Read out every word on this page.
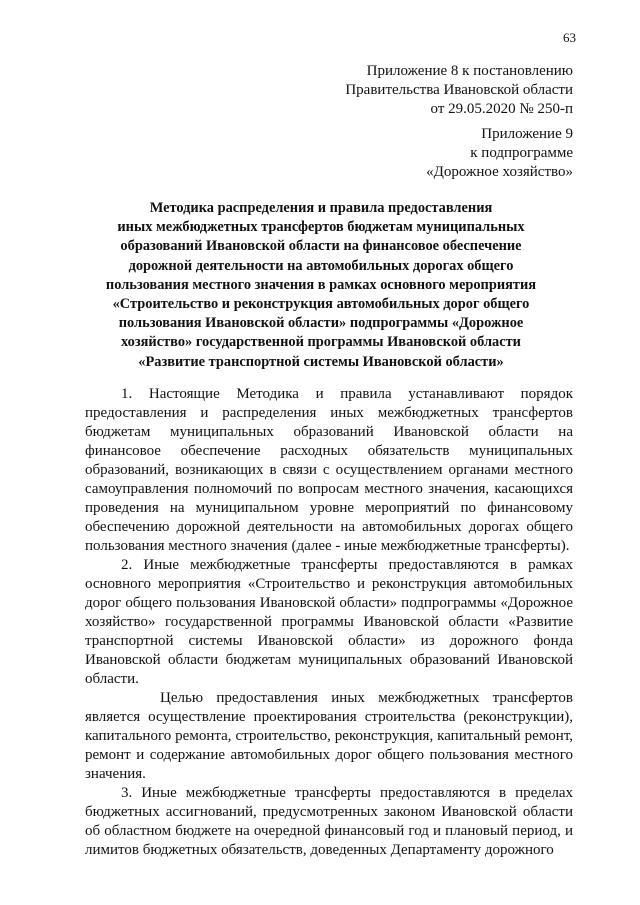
63
Приложение 8 к постановлению
Правительства Ивановской области
от 29.05.2020 № 250-п
Приложение 9
к подпрограмме
«Дорожное хозяйство»
Методика распределения и правила предоставления
иных межбюджетных трансфертов бюджетам муниципальных
образований Ивановской области на финансовое обеспечение
дорожной деятельности на автомобильных дорогах общего
пользования местного значения в рамках основного мероприятия
«Строительство и реконструкция автомобильных дорог общего
пользования Ивановской области» подпрограммы «Дорожное
хозяйство» государственной программы Ивановской области
«Развитие транспортной системы Ивановской области»

1. Настоящие Методика и правила устанавливают порядок предоставления и распределения иных межбюджетных трансфертов бюджетам муниципальных образований Ивановской области на финансовое обеспечение расходных обязательств муниципальных образований, возникающих в связи с осуществлением органами местного самоуправления полномочий по вопросам местного значения, касающихся проведения на муниципальном уровне мероприятий по финансовому обеспечению дорожной деятельности на автомобильных дорогах общего пользования местного значения (далее - иные межбюджетные трансферты).

2. Иные межбюджетные трансферты предоставляются в рамках основного мероприятия «Строительство и реконструкция автомобильных дорог общего пользования Ивановской области» подпрограммы «Дорожное хозяйство» государственной программы Ивановской области «Развитие транспортной системы Ивановской области» из дорожного фонда Ивановской области бюджетам муниципальных образований Ивановской области.

Целью предоставления иных межбюджетных трансфертов является осуществление проектирования строительства (реконструкции), капитального ремонта, строительство, реконструкция, капитальный ремонт, ремонт и содержание автомобильных дорог общего пользования местного значения.

3. Иные межбюджетные трансферты предоставляются в пределах бюджетных ассигнований, предусмотренных законом Ивановской области об областном бюджете на очередной финансовый год и плановый период, и лимитов бюджетных обязательств, доведенных Департаменту дорожного
